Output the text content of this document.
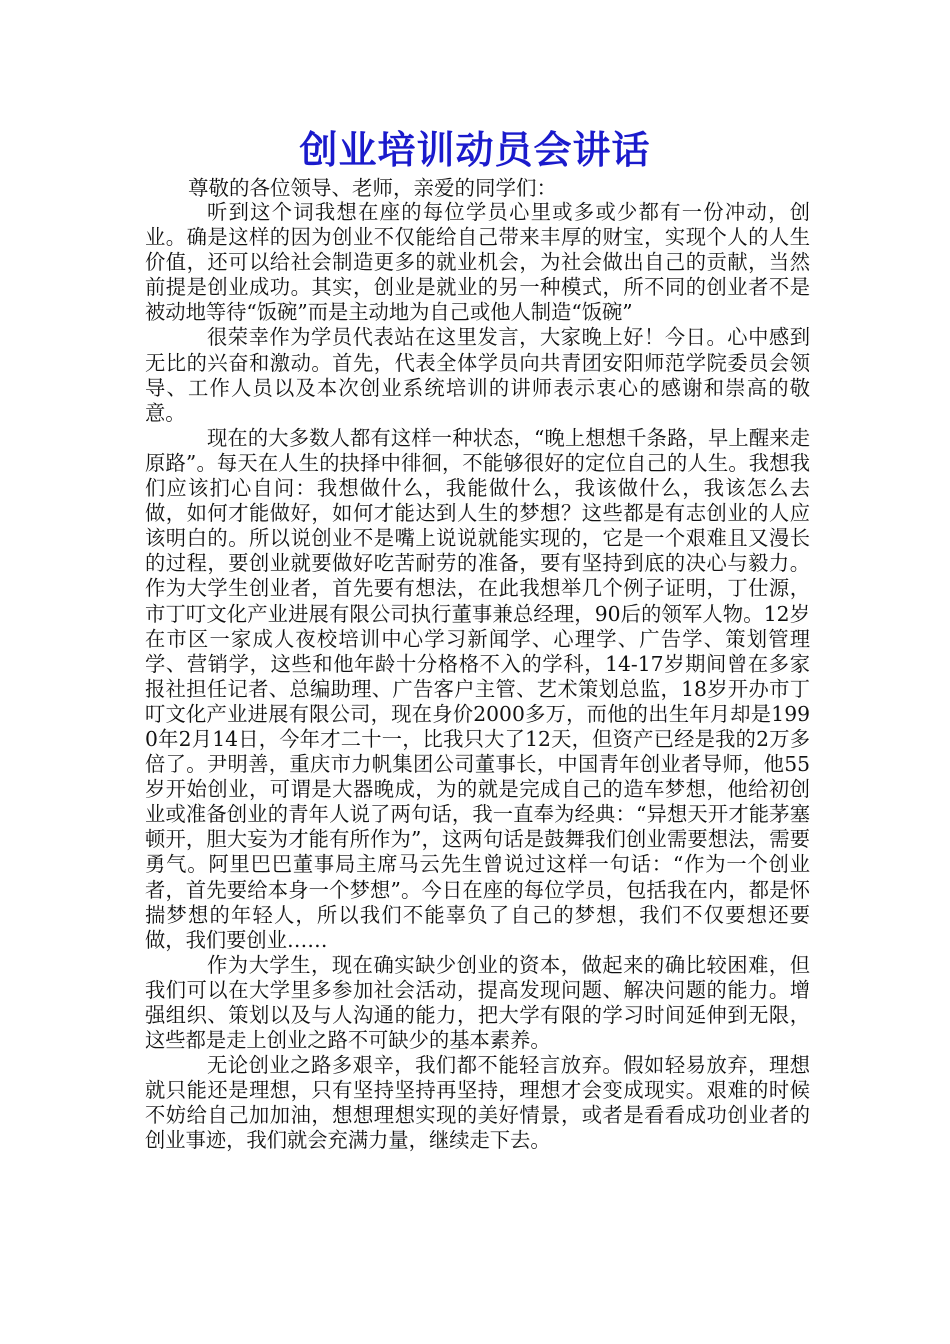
创业培训动员会讲话
尊敬的各位领导、老师，亲爱的同学们：

听到这个词我想在座的每位学员心里或多或少都有一份冲动，创业。确是这样的因为创业不仅能给自己带来丰厚的财宝，实现个人的人生价值，还可以给社会制造更多的就业机会，为社会做出自己的贡献，当然前提是创业成功。其实，创业是就业的另一种模式，所不同的创业者不是被动地等待“饭碗”而是主动地为自己或他人制造“饭碗”

很荣幸作为学员代表站在这里发言，大家晚上好！今日。心中感到无比的兴奋和激动。首先，代表全体学员向共青团安阳师范学院委员会领导、工作人员以及本次创业系统培训的讲师表示衷心的感谢和崇高的敬意。

现在的大多数人都有这样一种状态，“晚上想想千条路，早上醒来走原路”。每天在人生的抉择中徘徊，不能够很好的定位自己的人生。我想我们应该扪心自问：我想做什么，我能做什么，我该做什么，我该怎么去做，如何才能做好，如何才能达到人生的梦想？这些都是有志创业的人应该明白的。所以说创业不是嘴上说说就能实现的，它是一个艰难且又漫长的过程，要创业就要做好吃苦耐劳的准备，要有坚持到底的决心与毅力。作为大学生创业者，首先要有想法，在此我想举几个例子证明，丁仕源，市丁叮文化产业进展有限公司执行董事兼总经理，90后的领军人物。12岁在市区一家成人夜校培训中心学习新闻学、心理学、广告学、策划管理学、营销学，这些和他年龄十分格格不入的学科，14-17岁期间曾在多家报社担任记者、总编助理、广告客户主管、艺术策划总监，18岁开办市丁叮文化产业进展有限公司，现在身价2000多万，而他的出生年月却是1990年2月14日，今年才二十一，比我只大了12天，但资产已经是我的2万多倍了。尹明善，重庆市力帆集团公司董事长，中国青年创业者导师，他55岁开始创业，可谓是大器晚成，为的就是完成自己的造车梦想，他给初创业或准备创业的青年人说了两句话，我一直奉为经典：“异想天开才能茅塞顿开，胆大妄为才能有所作为”，这两句话是鼓舞我们创业需要想法，需要勇气。阿里巴巴董事局主席马云先生曾说过这样一句话：“作为一个创业者，首先要给本身一个梦想”。今日在座的每位学员，包括我在内，都是怀揣梦想的年轻人，所以我们不能辜负了自己的梦想，我们不仅要想还要做，我们要创业……

作为大学生，现在确实缺少创业的资本，做起来的确比较困难，但我们可以在大学里多参加社会活动，提高发现问题、解决问题的能力。增强组织、策划以及与人沟通的能力，把大学有限的学习时间延伸到无限，这些都是走上创业之路不可缺少的基本素养。

无论创业之路多艰辛，我们都不能轻言放弃。假如轻易放弃，理想就只能还是理想，只有坚持坚持再坚持，理想才会变成现实。艰难的时候不妨给自己加加油，想想理想实现的美好情景，或者是看看成功创业者的创业事迹，我们就会充满力量，继续走下去。
